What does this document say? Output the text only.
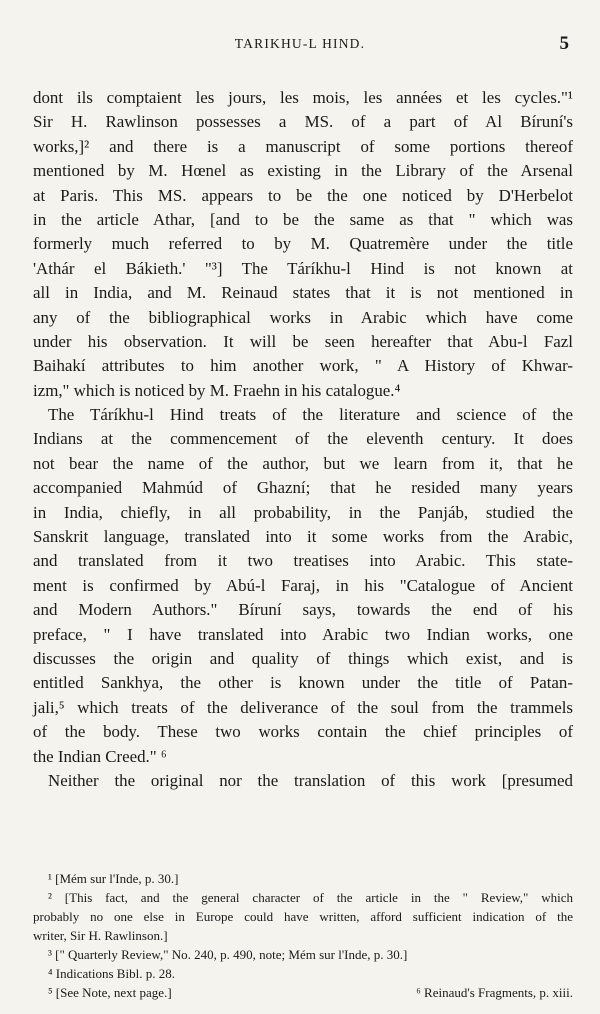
TARIKHU-L HIND.	5
dont ils comptaient les jours, les mois, les années et les cycles."¹
Sir H. Rawlinson possesses a MS. of a part of Al Bíruní's
works,]² and there is a manuscript of some portions thereof
mentioned by M. Hœnel as existing in the Library of the Arsenal
at Paris. This MS. appears to be the one noticed by D'Herbelot
in the article Athar, [and to be the same as that " which was
formerly much referred to by M. Quatremère under the title
'Athár el Bákieth.' "³] The Táríkhu-l Hind is not known at
all in India, and M. Reinaud states that it is not mentioned in
any of the bibliographical works in Arabic which have come
under his observation. It will be seen hereafter that Abu-l Fazl
Baihakí attributes to him another work, " A History of Khwar-
izm," which is noticed by M. Fraehn in his catalogue.⁴
The Táríkhu-l Hind treats of the literature and science of the
Indians at the commencement of the eleventh century. It does
not bear the name of the author, but we learn from it, that he
accompanied Mahmúd of Ghazní; that he resided many years
in India, chiefly, in all probability, in the Panjáb, studied the
Sanskrit language, translated into it some works from the Arabic,
and translated from it two treatises into Arabic. This state-
ment is confirmed by Abú-l Faraj, in his "Catalogue of Ancient
and Modern Authors." Bíruní says, towards the end of his
preface, " I have translated into Arabic two Indian works, one
discusses the origin and quality of things which exist, and is
entitled Sankhya, the other is known under the title of Patan-
jali,⁵ which treats of the deliverance of the soul from the trammels
of the body. These two works contain the chief principles of
the Indian Creed." ⁶
Neither the original nor the translation of this work [presumed
¹ [Mém sur l'Inde, p. 30.]
² [This fact, and the general character of the article in the " Review," which
probably no one else in Europe could have written, afford sufficient indication of the
writer, Sir H. Rawlinson.]
³ [" Quarterly Review," No. 240, p. 490, note; Mém sur l'Inde, p. 30.]
⁴ Indications Bibl. p. 28.
⁵ [See Note, next page.]	⁶ Reinaud's Fragments, p. xiii.
